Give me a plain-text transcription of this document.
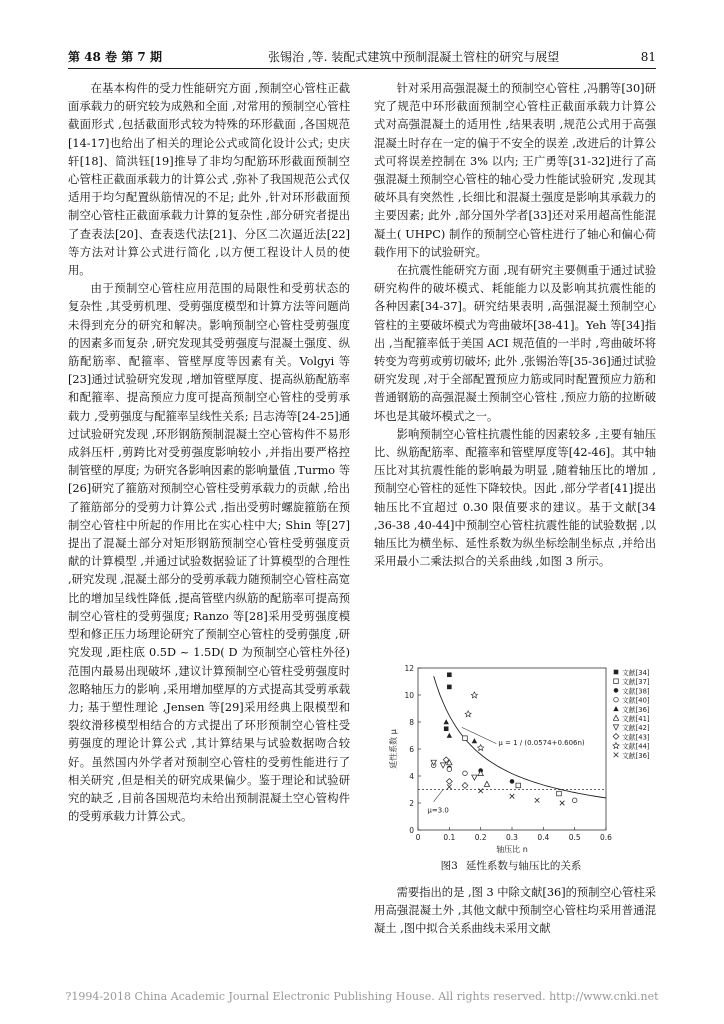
第 48 卷 第 7 期	张锡治 ,等. 装配式建筑中预制混凝土管柱的研究与展望	81

在基本构件的受力性能研究方面 ,预制空心管柱正截面承载力的研究较为成熟和全面 ,对常用的预制空心管柱截面形式 ,包括截面形式较为特殊的环形截面 ,各国规范[14-17]也给出了相关的理论公式或简化设计公式; 史庆轩[18]、简洪钰[19]推导了非均匀配筋环形截面预制空心管柱正截面承载力的计算公式 ,弥补了我国规范公式仅适用于均匀配置纵筋情况的不足; 此外 ,针对环形截面预制空心管柱正截面承载力计算的复杂性 ,部分研究者提出了查表法[20]、查表迭代法[21]、分区二次逼近法[22]等方法对计算公式进行简化 ,以方便工程设计人员的使用。

由于预制空心管柱应用范围的局限性和受剪状态的复杂性 ,其受剪机理、受剪强度模型和计算方法等问题尚未得到充分的研究和解决。影响预制空心管柱受剪强度的因素多而复杂 ,研究发现其受剪强度与混凝土强度、纵筋配筋率、配箍率、管壁厚度等因素有关。Volgyi 等[23]通过试验研究发现 ,增加管壁厚度、提高纵筋配筋率和配箍率、提高预应力度可提高预制空心管柱的受剪承载力 ,受剪强度与配箍率呈线性关系; 吕志涛等[24-25]通过试验研究发现 ,环形钢筋预制混凝土空心管构件不易形成斜压杆 ,剪跨比对受剪强度影响较小 ,并指出要严格控制管壁的厚度; 为研究各影响因素的影响量值 ,Turmo 等[26]研究了箍筋对预制空心管柱受剪承载力的贡献 ,给出了箍筋部分的受剪力计算公式 ,指出受剪时螺旋箍筋在预制空心管柱中所起的作用比在实心柱中大; Shin 等[27]提出了混凝土部分对矩形钢筋预制空心管柱受剪强度贡献的计算模型 ,并通过试验数据验证了计算模型的合理性 ,研究发现 ,混凝土部分的受剪承载力随预制空心管柱高宽比的增加呈线性降低 ,提高管壁内纵筋的配筋率可提高预制空心管柱的受剪强度; Ranzo 等[28]采用受剪强度模型和修正压力场理论研究了预制空心管柱的受剪强度 ,研究发现 ,距柱底 0.5D ~ 1.5D( D 为预制空心管柱外径) 范围内最易出现破坏 ,建议计算预制空心管柱受剪强度时忽略轴压力的影响 ,采用增加壁厚的方式提高其受剪承载力; 基于塑性理论 ,Jensen 等[29]采用经典上限模型和裂纹滑移模型相结合的方式提出了环形预制空心管柱受剪强度的理论计算公式 ,其计算结果与试验数据吻合较好。虽然国内外学者对预制空心管柱的受剪性能进行了相关研究 ,但是相关的研究成果偏少。鉴于理论和试验研究的缺乏 ,目前各国规范均未给出预制混凝土空心管构件的受剪承载力计算公式。

针对采用高强混凝土的预制空心管柱 ,冯鹏等[30]研究了规范中环形截面预制空心管柱正截面承载力计算公式对高强混凝土的适用性 ,结果表明 ,规范公式用于高强混凝土时存在一定的偏于不安全的误差 ,改进后的计算公式可将误差控制在 3% 以内; 王广勇等[31-32]进行了高强混凝土预制空心管柱的轴心受力性能试验研究 ,发现其破坏具有突然性 ,长细比和混凝土强度是影响其承载力的主要因素; 此外 ,部分国外学者[33]还对采用超高性能混凝土( UHPC) 制作的预制空心管柱进行了轴心和偏心荷载作用下的试验研究。

在抗震性能研究方面 ,现有研究主要侧重于通过试验研究构件的破坏模式、耗能能力以及影响其抗震性能的各种因素[34-37]。研究结果表明 ,高强混凝土预制空心管柱的主要破坏模式为弯曲破坏[38-41]。Yeh 等[34]指出 ,当配箍率低于美国 ACI 规范值的一半时 ,弯曲破坏将转变为弯剪或剪切破坏; 此外 ,张锡治等[35-36]通过试验研究发现 ,对于全部配置预应力筋或同时配置预应力筋和普通钢筋的高强混凝土预制空心管柱 ,预应力筋的拉断破坏也是其破坏模式之一。

影响预制空心管柱抗震性能的因素较多 ,主要有轴压比、纵筋配筋率、配箍率和管壁厚度等[42-46]。其中轴压比对其抗震性能的影响最为明显 ,随着轴压比的增加 ,预制空心管柱的延性下降较快。因此 ,部分学者[41]提出轴压比不宜超过 0.30 限值要求的建议。基于文献[34 ,36-38 ,40-44]中预制空心管柱抗震性能的试验数据 ,以轴压比为横坐标、延性系数为纵坐标绘制坐标点 ,并给出采用最小二乘法拟合的关系曲线 ,如图 3 所示。

0	0.1	0.2	0.3	0.4	0.5	0.6
0
2
4
6
8
10
12
轴压比 n
延性系数 μ	μ = 1 / (0.0574+0.606n)
μ=3.0
文献[34]
文献[37]
文献[38]
文献[40]
文献[36]
文献[41]
文献[42]
文献[43]
文献[44]
文献[36]
图3 延性系数与轴压比的关系

需要指出的是 ,图 3 中除文献[36]的预制空心管柱采用高强混凝土外 ,其他文献中预制空心管柱均采用普通混凝土 ,图中拟合关系曲线未采用文献

?1994-2018 China Academic Journal Electronic Publishing House. All rights reserved. http://www.cnki.net
